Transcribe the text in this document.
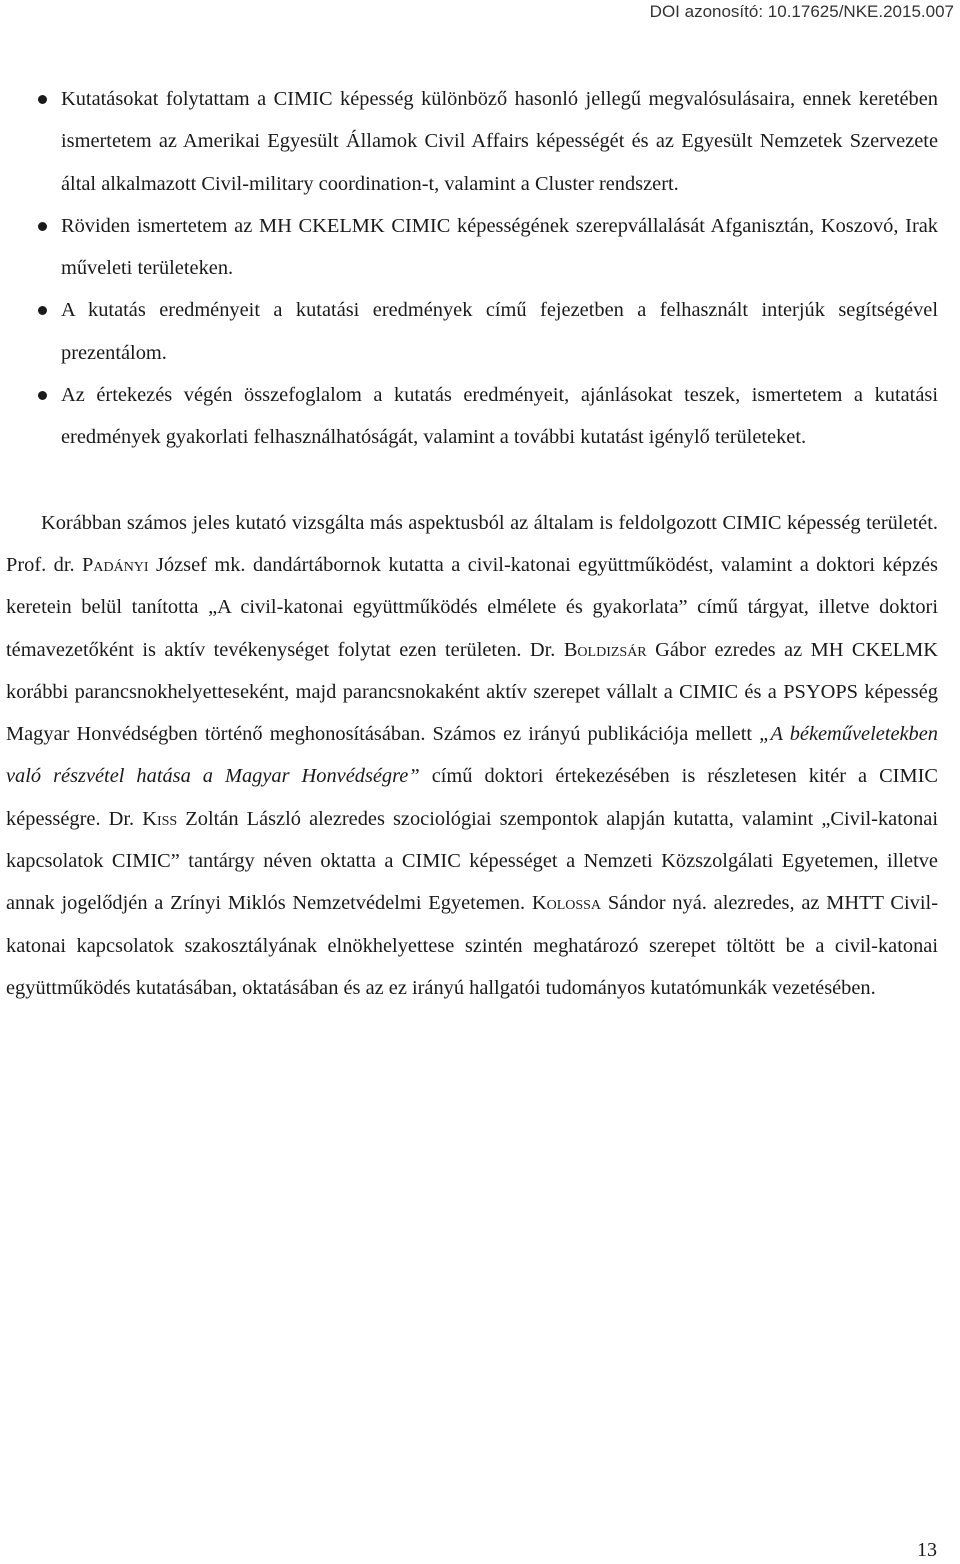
DOI azonosító: 10.17625/NKE.2015.007
Kutatásokat folytattam a CIMIC képesség különböző hasonló jellegű megvalósulásaira, ennek keretében ismertetem az Amerikai Egyesült Államok Civil Affairs képességét és az Egyesült Nemzetek Szervezete által alkalmazott Civil-military coordination-t, valamint a Cluster rendszert.
Röviden ismertetem az MH CKELMK CIMIC képességének szerepvállalását Afganisztán, Koszovó, Irak műveleti területeken.
A kutatás eredményeit a kutatási eredmények című fejezetben a felhasznált interjúk segítségével prezentálom.
Az értekezés végén összefoglalom a kutatás eredményeit, ajánlásokat teszek, ismertetem a kutatási eredmények gyakorlati felhasználhatóságát, valamint a további kutatást igénylő területeket.

Korábban számos jeles kutató vizsgálta más aspektusból az általam is feldolgozott CIMIC képesség területét. Prof. dr. Padányi József mk. dandártábornok kutatta a civil-katonai együttműködést, valamint a doktori képzés keretein belül tanította „A civil-katonai együttműködés elmélete és gyakorlata” című tárgyat, illetve doktori témavezetőként is aktív tevékenységet folytat ezen területen. Dr. Boldizsár Gábor ezredes az MH CKELMK korábbi parancsnokhelyetteseként, majd parancsnokaként aktív szerepet vállalt a CIMIC és a PSYOPS képesség Magyar Honvédségben történő meghonosításában. Számos ez irányú publikációja mellett „A békeműveletekben való részvétel hatása a Magyar Honvédségre” című doktori értekezésében is részletesen kitér a CIMIC képességre. Dr. Kiss Zoltán László alezredes szociológiai szempontok alapján kutatta, valamint „Civil-katonai kapcsolatok CIMIC” tantárgy néven oktatta a CIMIC képességet a Nemzeti Közszolgálati Egyetemen, illetve annak jogelődjén a Zrínyi Miklós Nemzetvédelmi Egyetemen. Kolossa Sándor nyá. alezredes, az MHTT Civil-katonai kapcsolatok szakosztályának elnökhelyettese szintén meghatározó szerepet töltött be a civil-katonai együttműködés kutatásában, oktatásában és az ez irányú hallgatói tudományos kutatómunkák vezetésében.

13
